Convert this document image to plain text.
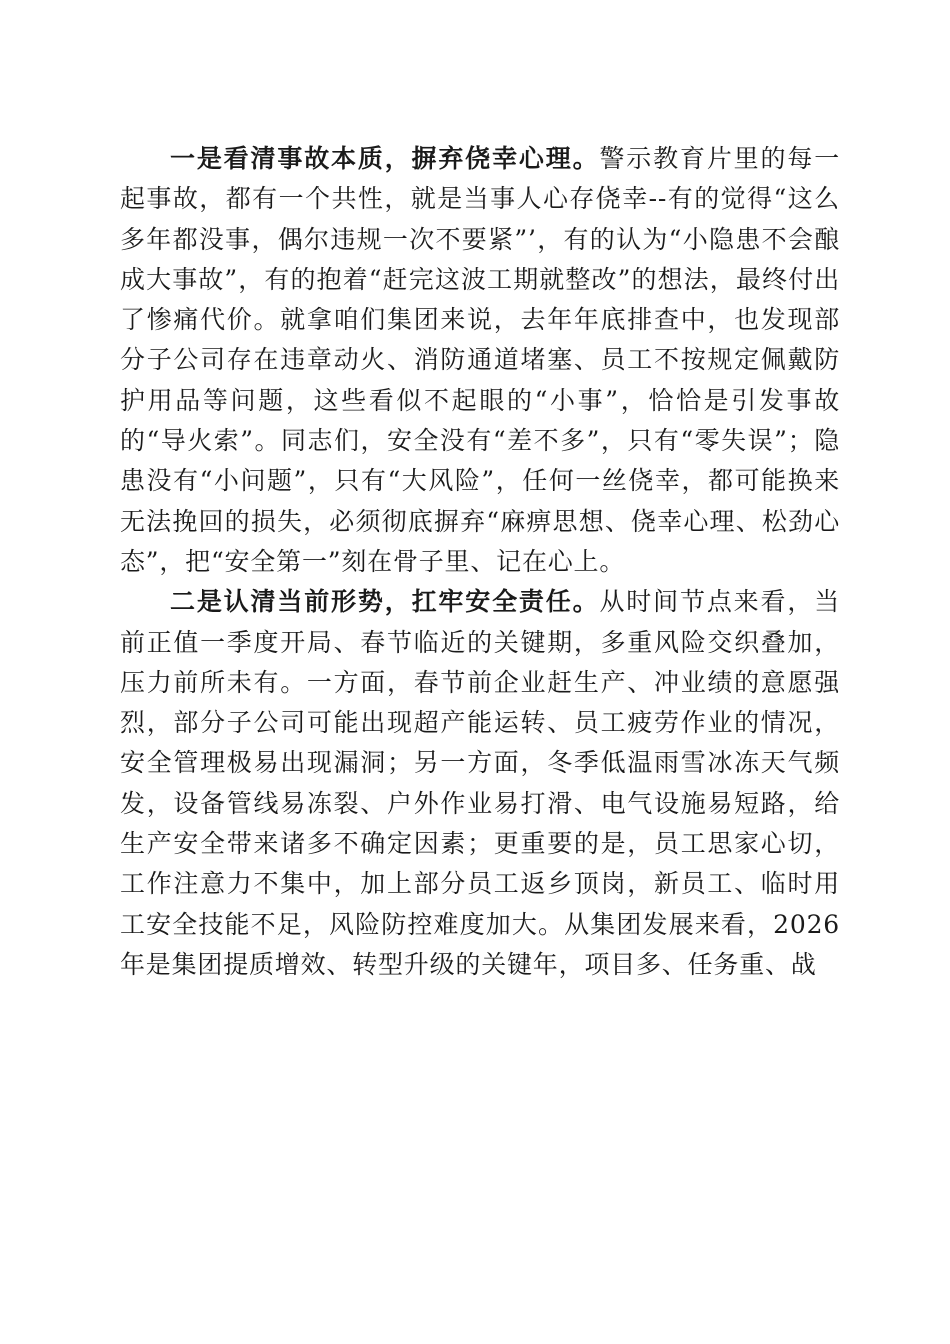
一是看清事故本质，摒弃侥幸心理。警示教育片里的每一起事故，都有一个共性，就是当事人心存侥幸--有的觉得“这么多年都没事，偶尔违规一次不要紧”’，有的认为“小隐患不会酿成大事故”，有的抱着“赶完这波工期就整改”的想法，最终付出了惨痛代价。就拿咱们集团来说，去年年底排查中，也发现部分子公司存在违章动火、消防通道堵塞、员工不按规定佩戴防护用品等问题，这些看似不起眼的“小事”，恰恰是引发事故的“导火索”。同志们，安全没有“差不多”，只有“零失误”；隐患没有“小问题”，只有“大风险”，任何一丝侥幸，都可能换来无法挽回的损失，必须彻底摒弃“麻痹思想、侥幸心理、松劲心态”，把“安全第一”刻在骨子里、记在心上。

二是认清当前形势，扛牢安全责任。从时间节点来看，当前正值一季度开局、春节临近的关键期，多重风险交织叠加，压力前所未有。一方面，春节前企业赶生产、冲业绩的意愿强烈，部分子公司可能出现超产能运转、员工疲劳作业的情况，安全管理极易出现漏洞；另一方面，冬季低温雨雪冰冻天气频发，设备管线易冻裂、户外作业易打滑、电气设施易短路，给生产安全带来诸多不确定因素；更重要的是，员工思家心切，工作注意力不集中，加上部分员工返乡顶岗，新员工、临时用工安全技能不足，风险防控难度加大。从集团发展来看，2026年是集团提质增效、转型升级的关键年，项目多、任务重、战
